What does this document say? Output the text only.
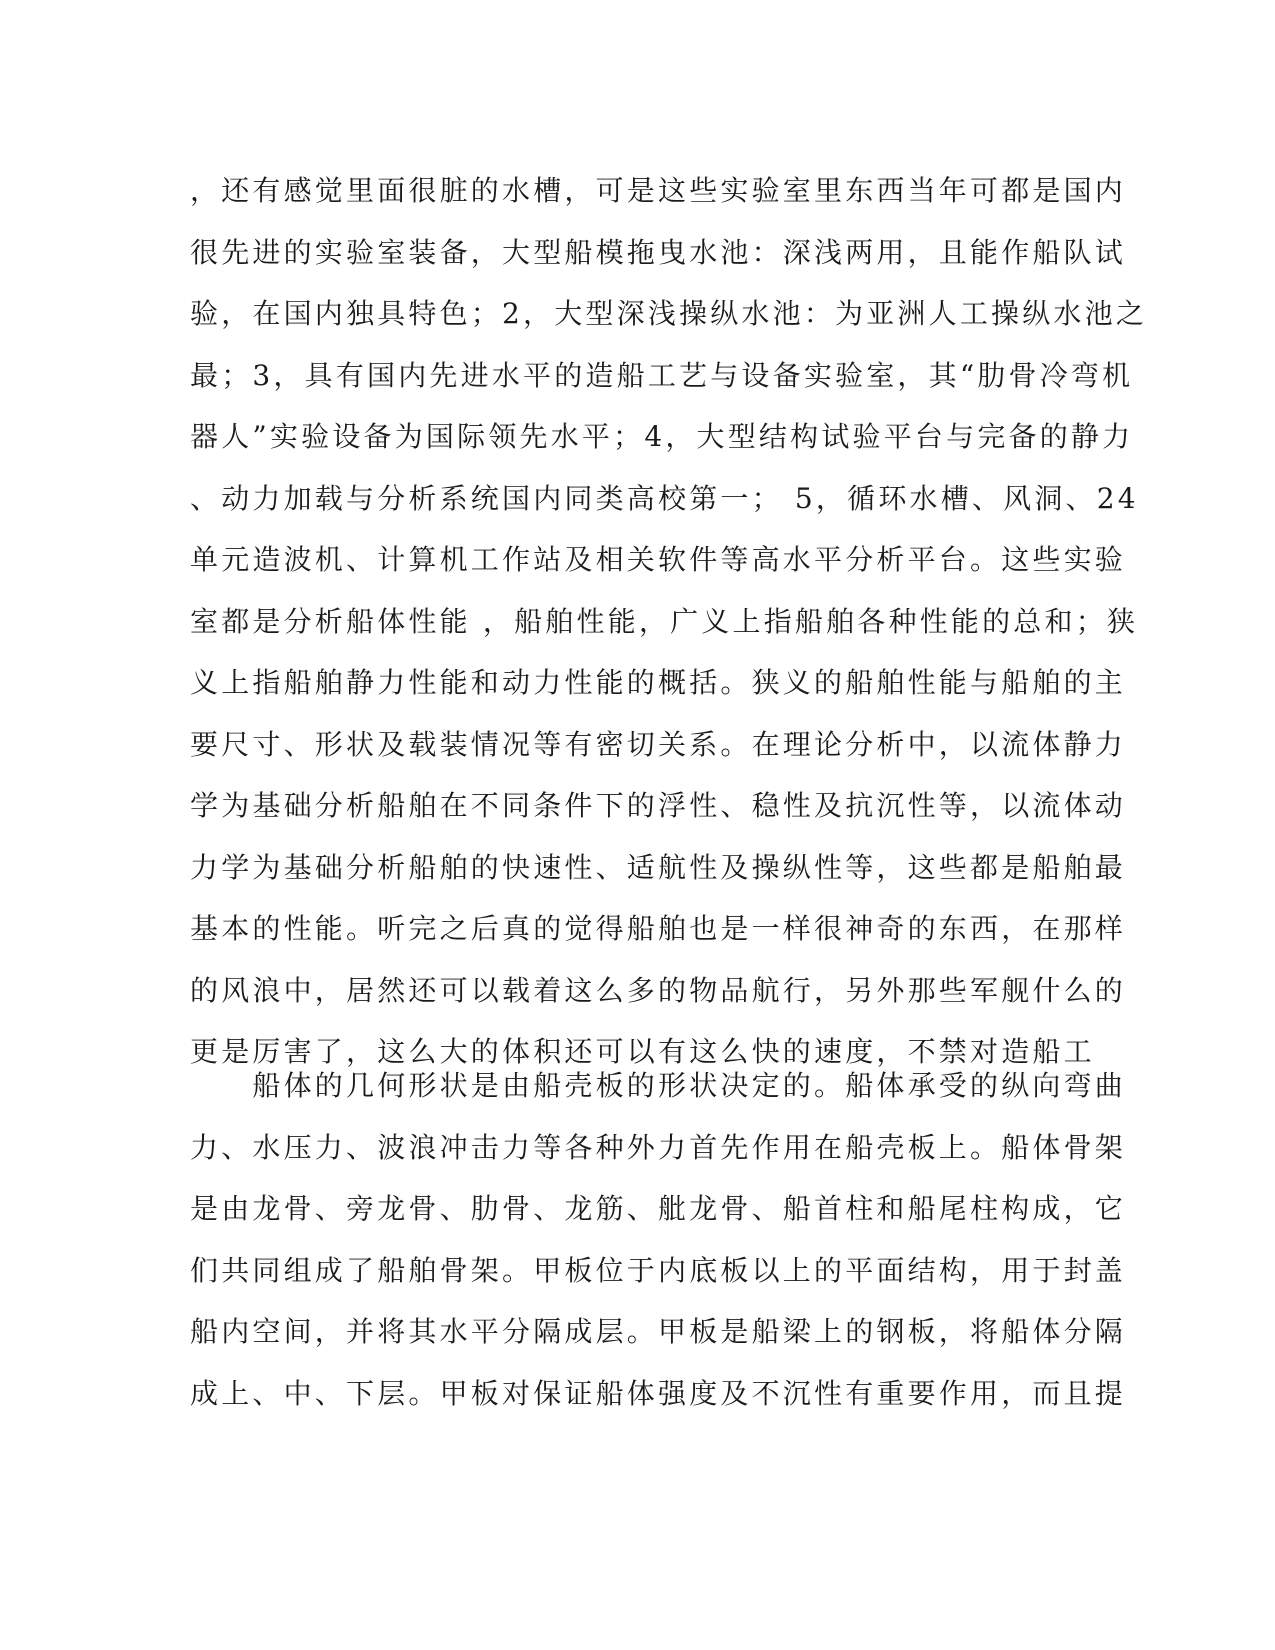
，还有感觉里面很脏的水槽，可是这些实验室里东西当年可都是国内
很先进的实验室装备，大型船模拖曳水池：深浅两用，且能作船队试
验，在国内独具特色；2，大型深浅操纵水池：为亚洲人工操纵水池之
最；3，具有国内先进水平的造船工艺与设备实验室，其“肋骨冷弯机
器人”实验设备为国际领先水平；4，大型结构试验平台与完备的静力
、动力加载与分析系统国内同类高校第一； 5，循环水槽、风洞、24
单元造波机、计算机工作站及相关软件等高水平分析平台。这些实验
室都是分析船体性能 ，船舶性能，广义上指船舶各种性能的总和；狭
义上指船舶静力性能和动力性能的概括。狭义的船舶性能与船舶的主
要尺寸、形状及载装情况等有密切关系。在理论分析中，以流体静力
学为基础分析船舶在不同条件下的浮性、稳性及抗沉性等，以流体动
力学为基础分析船舶的快速性、适航性及操纵性等，这些都是船舶最
基本的性能。听完之后真的觉得船舶也是一样很神奇的东西，在那样
的风浪中，居然还可以载着这么多的物品航行，另外那些军舰什么的
更是厉害了，这么大的体积还可以有这么快的速度，不禁对造船工
　　船体的几何形状是由船壳板的形状决定的。船体承受的纵向弯曲
力、水压力、波浪冲击力等各种外力首先作用在船壳板上。船体骨架
是由龙骨、旁龙骨、肋骨、龙筋、舭龙骨、船首柱和船尾柱构成，它
们共同组成了船舶骨架。甲板位于内底板以上的平面结构，用于封盖
船内空间，并将其水平分隔成层。甲板是船梁上的钢板，将船体分隔
成上、中、下层。甲板对保证船体强度及不沉性有重要作用，而且提
